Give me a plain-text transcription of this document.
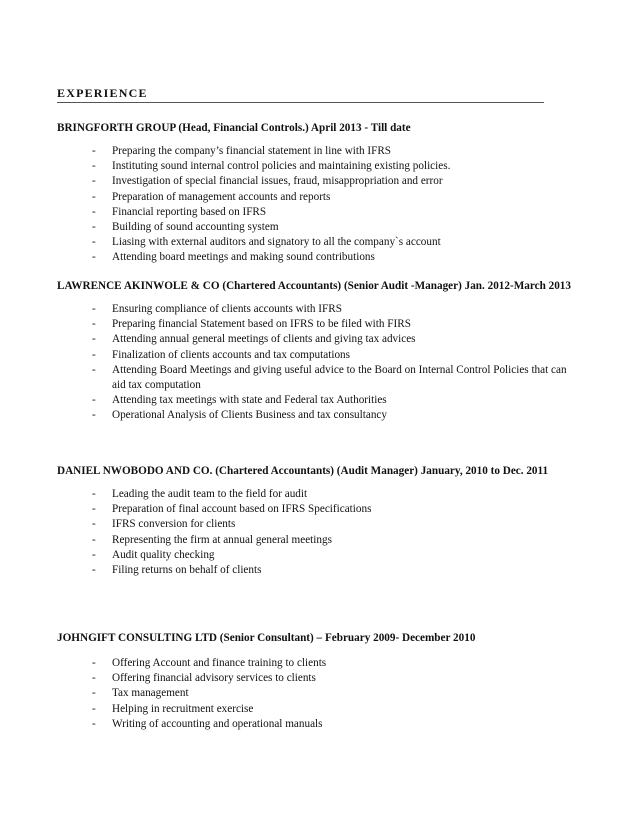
EXPERIENCE
BRINGFORTH GROUP (Head, Financial Controls.) April 2013 - Till date
- Preparing the company’s financial statement in line with IFRS
- Instituting sound internal control policies and maintaining existing policies.
- Investigation of special financial issues, fraud, misappropriation and error
- Preparation of management accounts and reports
- Financial reporting based on IFRS
- Building of sound accounting system
- Liasing with external auditors and signatory to all the company`s account
- Attending board meetings and making sound contributions
LAWRENCE AKINWOLE & CO (Chartered Accountants) (Senior Audit -Manager) Jan. 2012-March 2013
- Ensuring compliance of clients accounts with IFRS
- Preparing financial Statement based on IFRS to be filed with FIRS
- Attending annual general meetings of clients and giving tax advices
- Finalization of clients accounts and tax computations
- Attending Board Meetings and giving useful advice to the Board on Internal Control Policies that can aid tax computation
- Attending tax meetings with state and Federal tax Authorities
- Operational Analysis of Clients Business and tax consultancy
DANIEL NWOBODO AND CO. (Chartered Accountants) (Audit Manager) January, 2010 to Dec. 2011
- Leading the audit team to the field for audit
- Preparation of final account based on IFRS Specifications
- IFRS conversion for clients
- Representing the firm at annual general meetings
- Audit quality checking
- Filing returns on behalf of clients
JOHNGIFT CONSULTING LTD (Senior Consultant) – February 2009- December 2010
- Offering Account and finance training to clients
- Offering financial advisory services to clients
- Tax management
- Helping in recruitment exercise
- Writing of accounting and operational manuals
